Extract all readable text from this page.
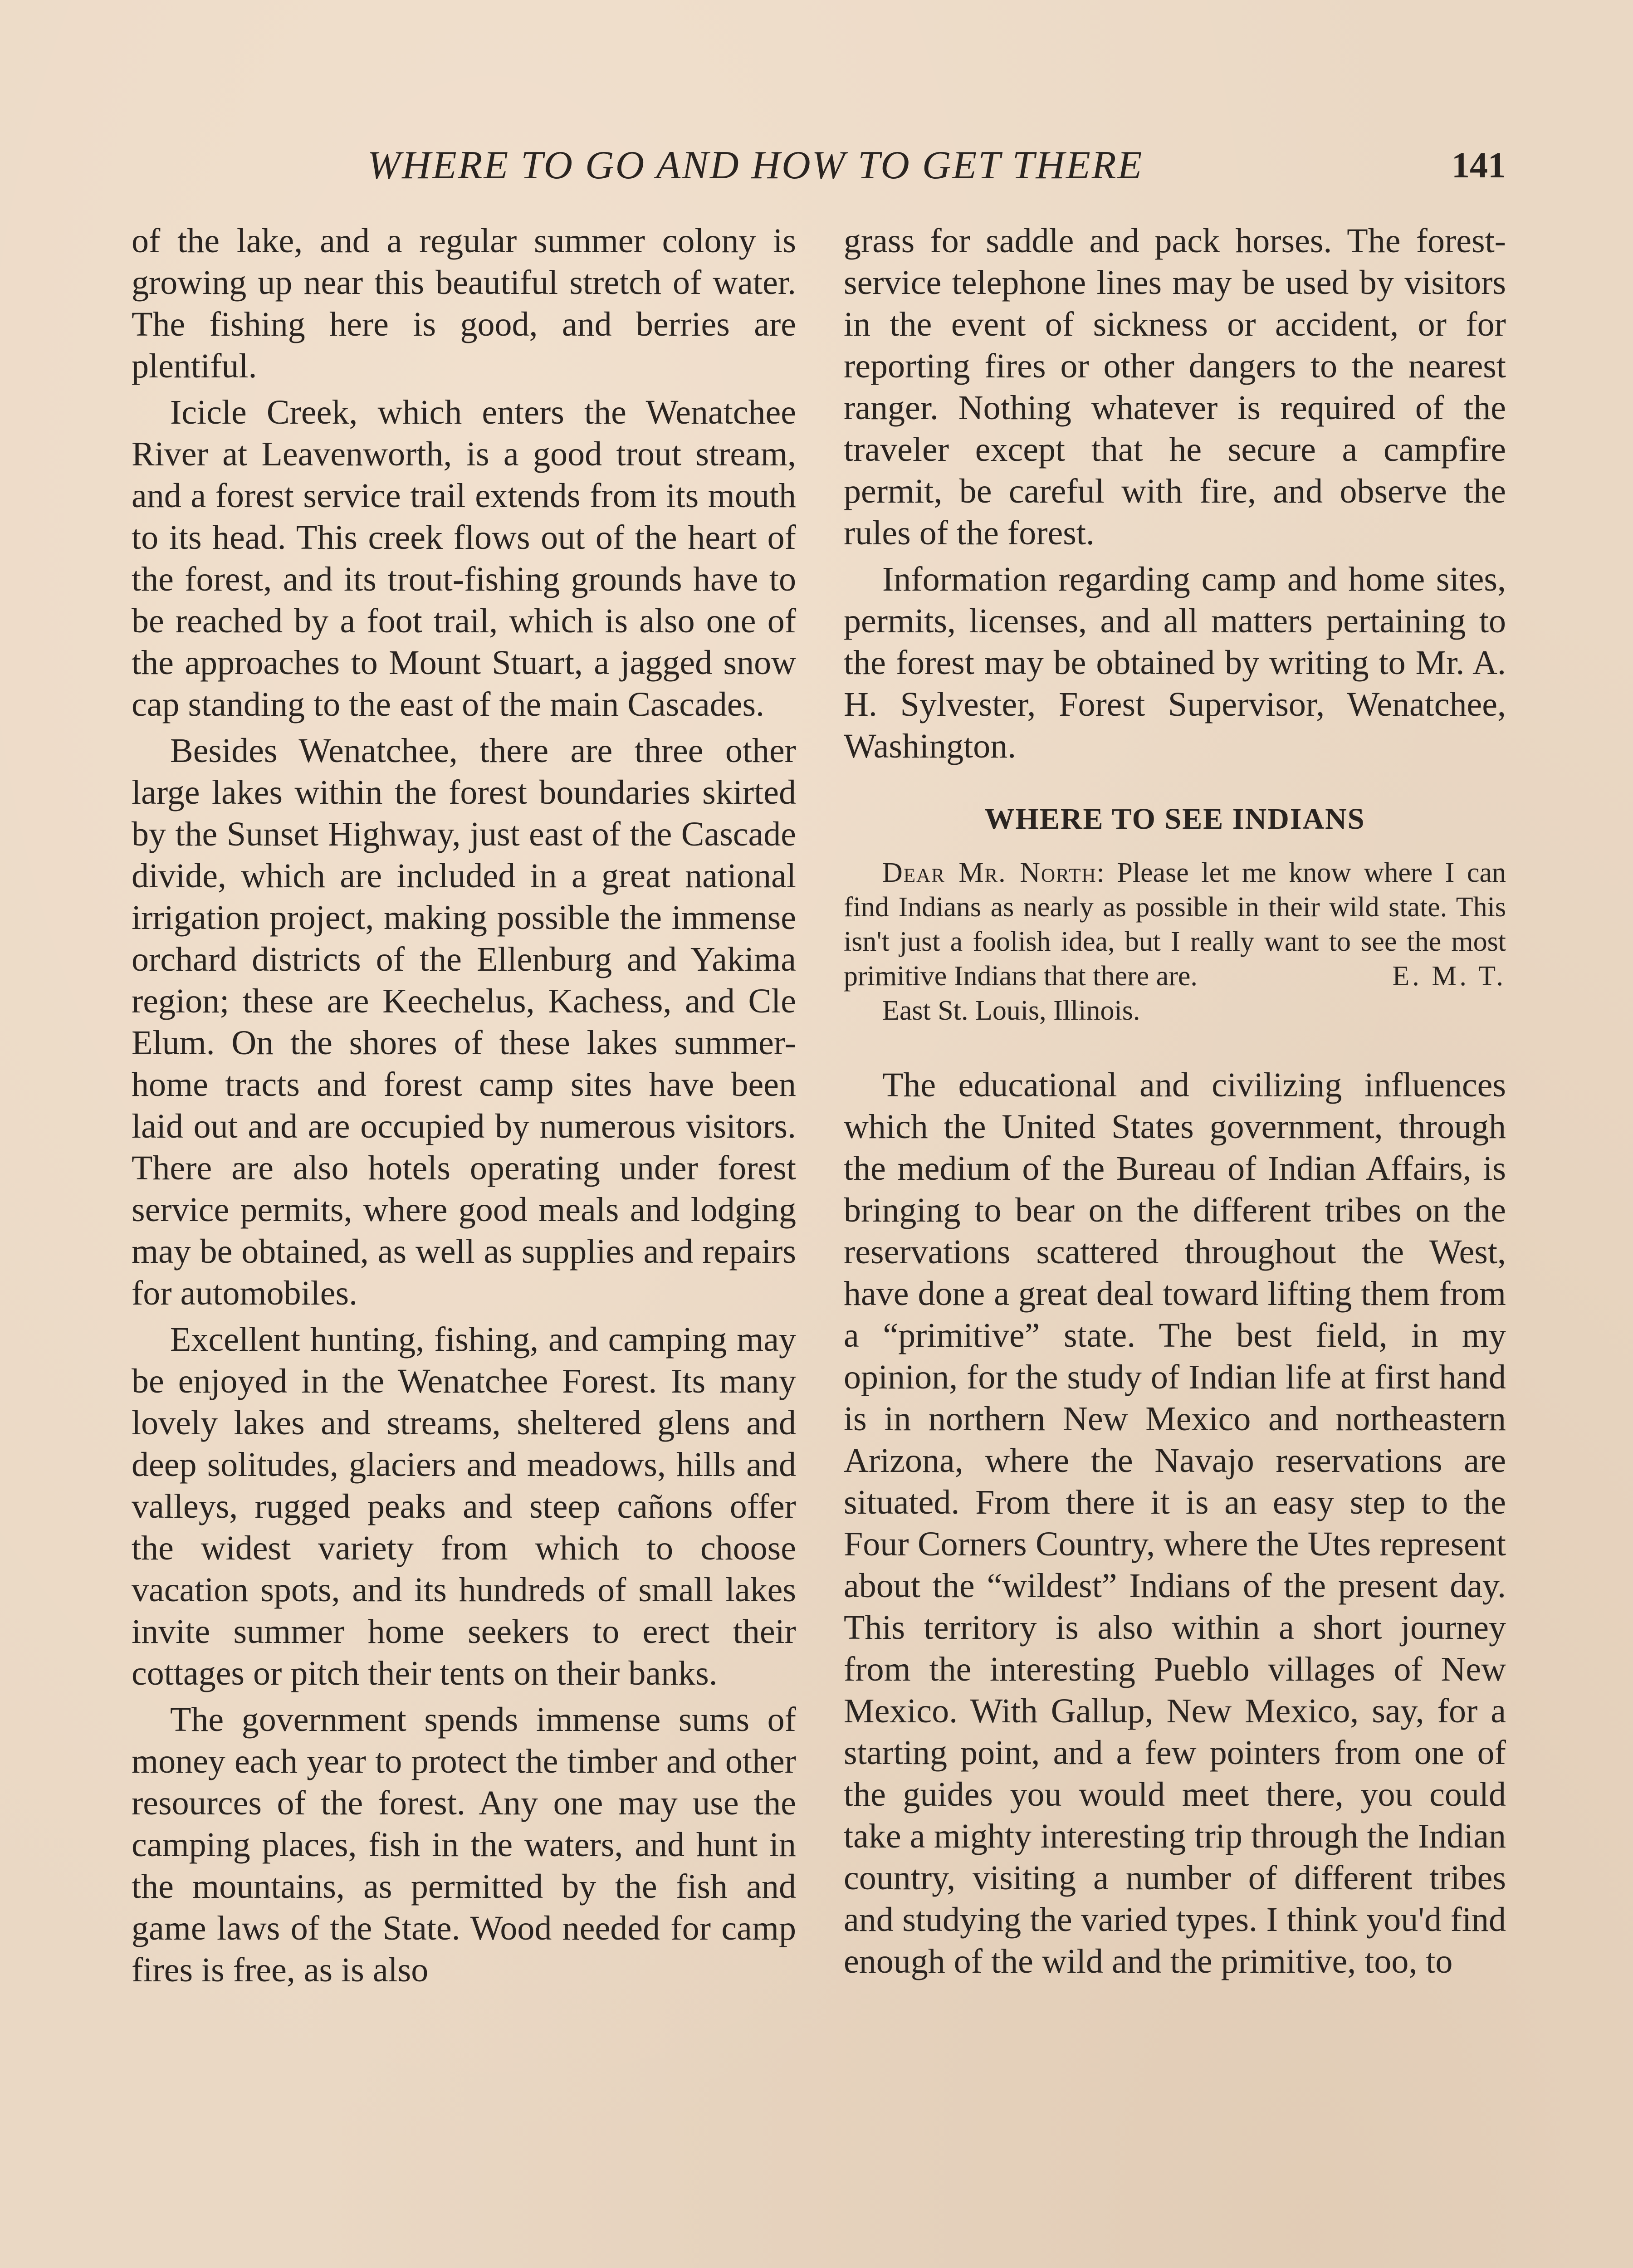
WHERE TO GO AND HOW TO GET THERE	141

of the lake, and a regular summer colony is growing up near this beautiful stretch of water. The fishing here is good, and berries are plentiful.

Icicle Creek, which enters the Wenatchee River at Leavenworth, is a good trout stream, and a forest service trail extends from its mouth to its head. This creek flows out of the heart of the forest, and its trout-fishing grounds have to be reached by a foot trail, which is also one of the approaches to Mount Stuart, a jagged snow cap standing to the east of the main Cascades.

Besides Wenatchee, there are three other large lakes within the forest boundaries skirted by the Sunset Highway, just east of the Cascade divide, which are included in a great national irrigation project, making possible the immense orchard districts of the Ellenburg and Yakima region; these are Keechelus, Kachess, and Cle Elum. On the shores of these lakes summer-home tracts and forest camp sites have been laid out and are occupied by numerous visitors. There are also hotels operating under forest service permits, where good meals and lodging may be obtained, as well as supplies and repairs for automobiles.

Excellent hunting, fishing, and camping may be enjoyed in the Wenatchee Forest. Its many lovely lakes and streams, sheltered glens and deep solitudes, glaciers and meadows, hills and valleys, rugged peaks and steep cañons offer the widest variety from which to choose vacation spots, and its hundreds of small lakes invite summer home seekers to erect their cottages or pitch their tents on their banks.

The government spends immense sums of money each year to protect the timber and other resources of the forest. Any one may use the camping places, fish in the waters, and hunt in the mountains, as permitted by the fish and game laws of the State. Wood needed for camp fires is free, as is also

grass for saddle and pack horses. The forest-service telephone lines may be used by visitors in the event of sickness or accident, or for reporting fires or other dangers to the nearest ranger. Nothing whatever is required of the traveler except that he secure a campfire permit, be careful with fire, and observe the rules of the forest.

Information regarding camp and home sites, permits, licenses, and all matters pertaining to the forest may be obtained by writing to Mr. A. H. Sylvester, Forest Supervisor, Wenatchee, Washington.

WHERE TO SEE INDIANS
Dear Mr. North: Please let me know where I can find Indians as nearly as possible in their wild state. This isn't just a foolish idea, but I really want to see the most primitive Indians that there are.	E. M. T.
East St. Louis, Illinois.

The educational and civilizing influences which the United States government, through the medium of the Bureau of Indian Affairs, is bringing to bear on the different tribes on the reservations scattered throughout the West, have done a great deal toward lifting them from a “primitive” state. The best field, in my opinion, for the study of Indian life at first hand is in northern New Mexico and northeastern Arizona, where the Navajo reservations are situated. From there it is an easy step to the Four Corners Country, where the Utes represent about the “wildest” Indians of the present day. This territory is also within a short journey from the interesting Pueblo villages of New Mexico. With Gallup, New Mexico, say, for a starting point, and a few pointers from one of the guides you would meet there, you could take a mighty interesting trip through the Indian country, visiting a number of different tribes and studying the varied types. I think you'd find enough of the wild and the primitive, too, to
